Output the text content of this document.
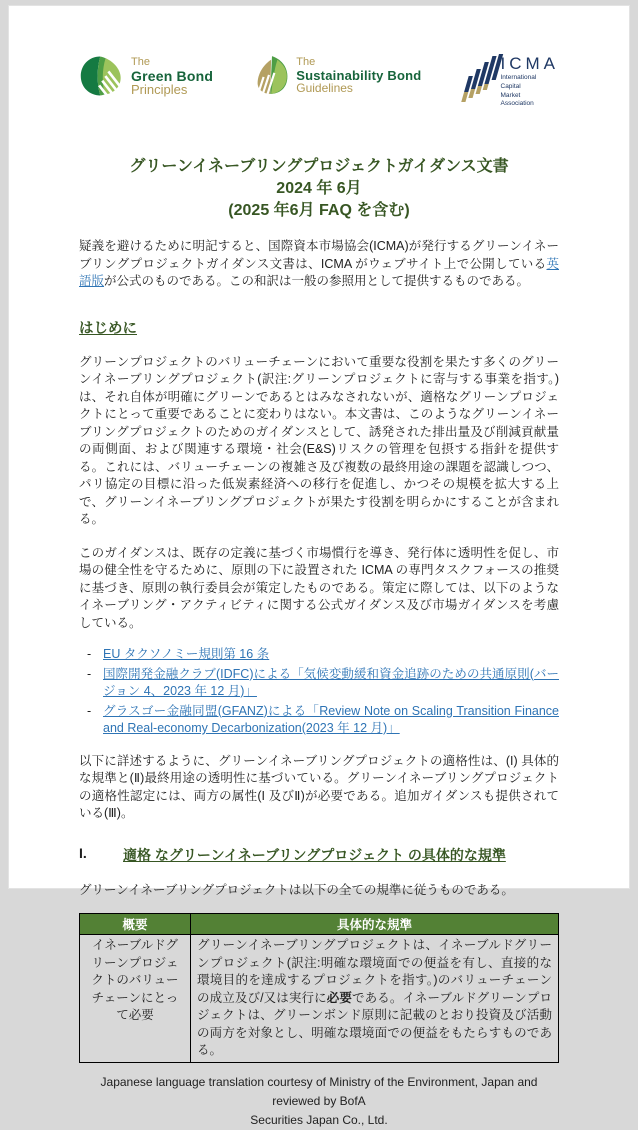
The
Green Bond
Principles
The
Sustainability Bond
Guidelines
ICMA
International
Capital
Market
Association
グリーンイネーブリングプロジェクトガイダンス文書
2024 年 6月
(2025 年6月 FAQ を含む)

疑義を避けるために明記すると、国際資本市場協会(ICMA)が発行するグリーンイネーブリングプロジェクトガイダンス文書は、ICMA がウェブサイト上で公開している英語版が公式のものである。この和訳は一般の参照用として提供するものである。

はじめに

グリーンプロジェクトのバリューチェーンにおいて重要な役割を果たす多くのグリーンイネーブリングプロジェクト(訳注:グリーンプロジェクトに寄与する事業を指す。)は、それ自体が明確にグリーンであるとはみなされないが、適格なグリーンプロジェクトにとって重要であることに変わりはない。本文書は、このようなグリーンイネーブリングプロジェクトのためのガイダンスとして、誘発された排出量及び削減貢献量の両側面、および関連する環境・社会(E&S)リスクの管理を包摂する指針を提供する。これには、バリューチェーンの複雑さ及び複数の最終用途の課題を認識しつつ、パリ協定の目標に沿った低炭素経済への移行を促進し、かつその規模を拡大する上で、グリーンイネーブリングプロジェクトが果たす役割を明らかにすることが含まれる。

このガイダンスは、既存の定義に基づく市場慣行を導き、発行体に透明性を促し、市場の健全性を守るために、原則の下に設置された ICMA の専門タスクフォースの推奨に基づき、原則の執行委員会が策定したものである。策定に際しては、以下のようなイネーブリング・アクティビティに関する公式ガイダンス及び市場ガイダンスを考慮している。

- EU タクソノミー規則第 16 条
- 国際開発金融クラブ(IDFC)による「気候変動緩和資金追跡のための共通原則(バージョン 4、2023 年 12 月)」
- グラスゴー金融同盟(GFANZ)による「Review Note on Scaling Transition Finance and Real-economy Decarbonization(2023 年 12 月)」

以下に詳述するように、グリーンイネーブリングプロジェクトの適格性は、(I) 具体的な規準と(Ⅱ)最終用途の透明性に基づいている。グリーンイネーブリングプロジェクトの適格性認定には、両方の属性(I 及びⅡ)が必要である。追加ガイダンスも提供されている(Ⅲ)。

I.	適格 なグリーンイネーブリングプロジェクト の具体的な規準

グリーンイネーブリングプロジェクトは以下の全ての規準に従うものである。

概要	具体的な規準
イネーブルドグリーンプロジェクトのバリューチェーンにとって必要	グリーンイネーブリングプロジェクトは、イネーブルドグリーンプロジェクト(訳注:明確な環境面での便益を有し、直接的な環境目的を達成するプロジェクトを指す。)のバリューチェーンの成立及び/又は実行に必要である。イネーブルドグリーンプロジェクトは、グリーンボンド原則に記載のとおり投資及び活動の両方を対象とし、明確な環境面での便益をもたらすものである。
Japanese language translation courtesy of Ministry of the Environment, Japan and reviewed by BofA
Securities Japan Co., Ltd.
